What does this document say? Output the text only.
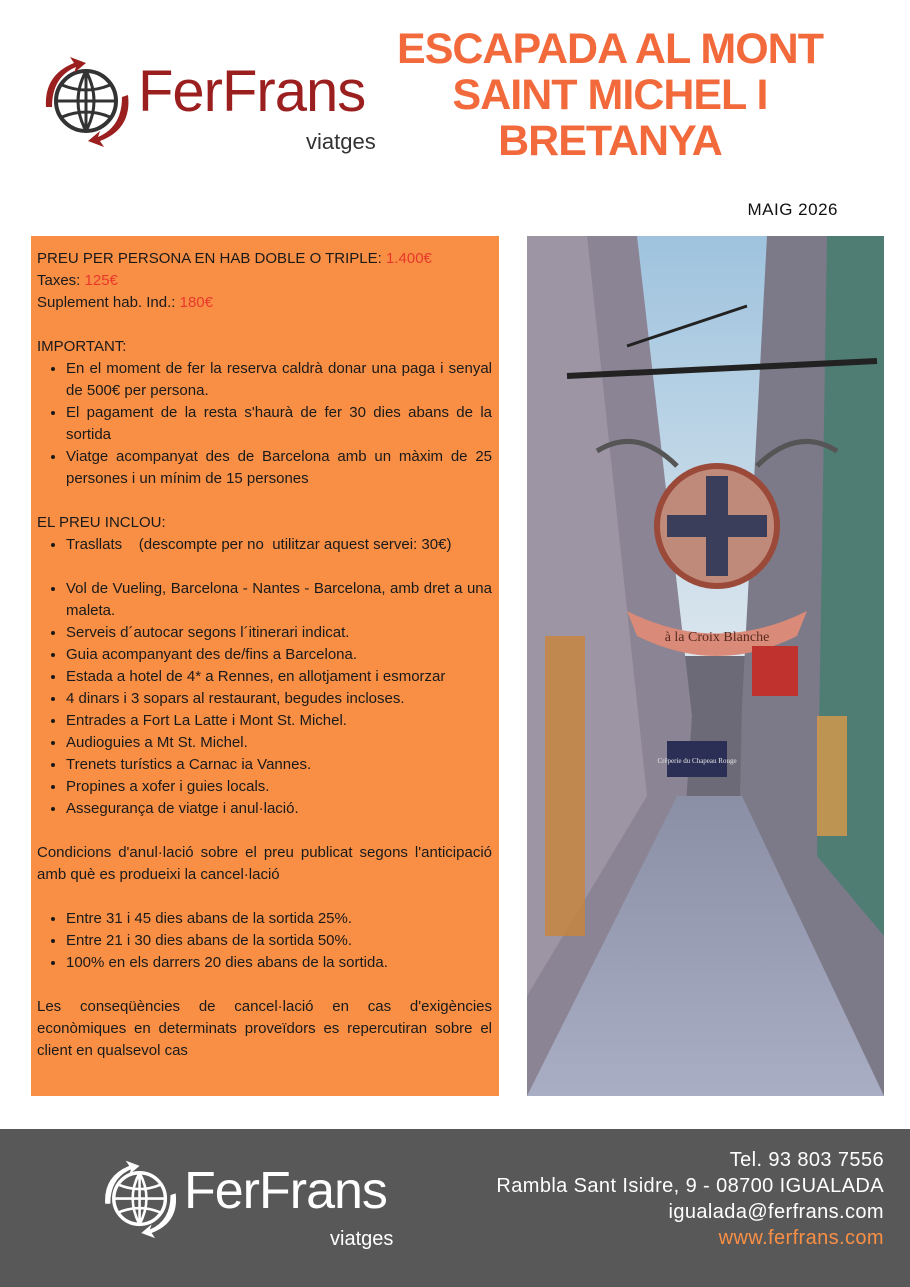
FerFrans
viatges
ESCAPADA AL MONT
SAINT MICHEL I
BRETANYA
MAIG 2026

PREU PER PERSONA EN HAB DOBLE O TRIPLE: 1.400€

Taxes: 125€

Suplement hab. Ind.: 180€

IMPORTANT:

• En el moment de fer la reserva caldrà donar una paga i senyal de 500€ per persona.
• El pagament de la resta s'haurà de fer 30 dies abans de la sortida
• Viatge acompanyat des de Barcelona amb un màxim de 25 persones i un mínim de 15 persones

EL PREU INCLOU:

• Trasllats    (descompte per no  utilitzar aquest servei: 30€)
• Vol de Vueling, Barcelona - Nantes - Barcelona, amb dret a una maleta.
• Serveis d´autocar segons l´itinerari indicat.
• Guia acompanyant des de/fins a Barcelona.
• Estada a hotel de 4* a Rennes, en allotjament i esmorzar
• 4 dinars i 3 sopars al restaurant, begudes incloses.
• Entrades a Fort La Latte i Mont St. Michel.
• Audioguies a Mt St. Michel.
• Trenets turístics a Carnac ia Vannes.
• Propines a xofer i guies locals.
• Assegurança de viatge i anul·lació.

Condicions d'anul·lació sobre el preu publicat segons l'anticipació amb què es produeixi la cancel·lació

• Entre 31 i 45 dies abans de la sortida 25%.
• Entre 21 i 30 dies abans de la sortida 50%.
• 100% en els darrers 20 dies abans de la sortida.

Les conseqüències de cancel·lació en cas d'exigències econòmiques en determinats proveïdors es repercutiran sobre el client en qualsevol cas

à la Croix Blanche
Crêperie du Chapeau Rouge
FerFrans
viatges
Tel. 93 803 7556
Rambla Sant Isidre, 9 - 08700 IGUALADA
igualada@ferfrans.com
www.ferfrans.com
